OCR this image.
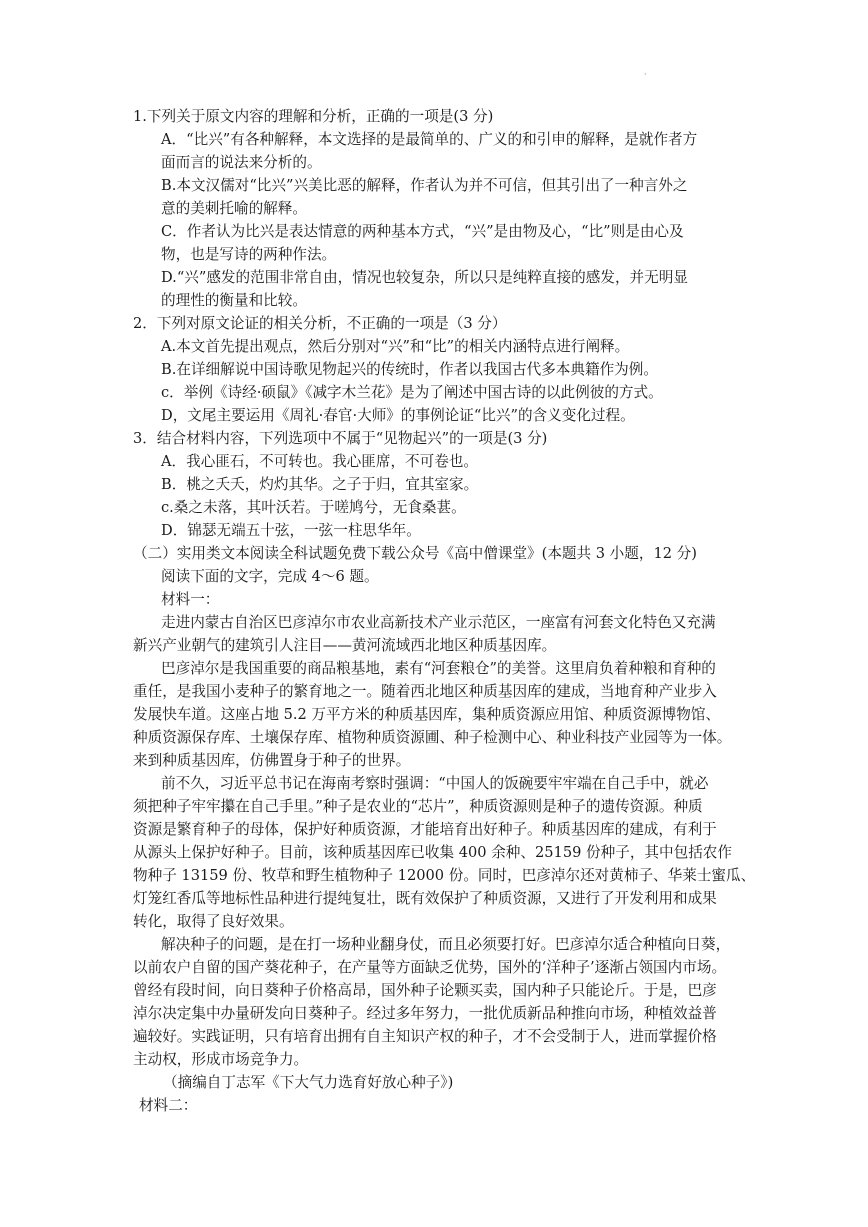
·
1.下列关于原文内容的理解和分析，正确的一项是(3 分)
A．“比兴”有各种解释，本文选择的是最简单的、广义的和引申的解释，是就作者方
面而言的说法来分析的。
B.本文汉儒对“比兴”兴美比恶的解释，作者认为并不可信，但其引出了一种言外之
意的美刺托喻的解释。
C．作者认为比兴是表达情意的两种基本方式，“兴”是由物及心，“比”则是由心及
物，也是写诗的两种作法。
D.“兴”感发的范围非常自由，情况也较复杂，所以只是纯粹直接的感发，并无明显
的理性的衡量和比较。
2．下列对原文论证的相关分析，不正确的一项是（3 分）
A.本文首先提出观点，然后分别对“兴”和“比”的相关内涵特点进行阐释。
B.在详细解说中国诗歌见物起兴的传统时，作者以我国古代多本典籍作为例。
c．举例《诗经·硕鼠》《减字木兰花》是为了阐述中国古诗的以此例彼的方式。
D，文尾主要运用《周礼·春官·大师》的事例论证“比兴”的含义变化过程。
3．结合材料内容，下列选项中不属于“见物起兴”的一项是(3 分)
A．我心匪石，不可转也。我心匪席，不可卷也。
B．桃之夭夭，灼灼其华。之子于归，宜其室家。
c.桑之未落，其叶沃若。于嗟鸠兮，无食桑葚。
D．锦瑟无端五十弦，一弦一柱思华年。
（二）实用类文本阅读全科试题免费下载公众号《高中僧课堂》(本题共 3 小题，12 分)
阅读下面的文字，完成 4～6 题。
材料一：
走进内蒙古自治区巴彦淖尔市农业高新技术产业示范区，一座富有河套文化特色又充满
新兴产业朝气的建筑引人注目——黄河流域西北地区种质基因库。
巴彦淖尔是我国重要的商品粮基地，素有“河套粮仓”的美誉。这里肩负着种粮和育种的
重任，是我国小麦种子的繁育地之一。随着西北地区种质基因库的建成，当地育种产业步入
发展快车道。这座占地 5.2 万平方米的种质基因库，集种质资源应用馆、种质资源博物馆、
种质资源保存库、土壤保存库、植物种质资源圃、种子检测中心、种业科技产业园等为一体。
来到种质基因库，仿佛置身于种子的世界。
前不久，习近平总书记在海南考察时强调：“中国人的饭碗要牢牢端在自己手中，就必
须把种子牢牢攥在自己手里。”种子是农业的“芯片”，种质资源则是种子的遗传资源。种质
资源是繁育种子的母体，保护好种质资源，才能培育出好种子。种质基因库的建成，有利于
从源头上保护好种子。目前，该种质基因库已收集 400 余种、25159 份种子，其中包括农作
物种子 13159 份、牧草和野生植物种子 12000 份。同时，巴彦淖尔还对黄柿子、华莱士蜜瓜、
灯笼红香瓜等地标性品种进行提纯复壮，既有效保护了种质资源，又进行了开发利用和成果
转化，取得了良好效果。
解决种子的问题，是在打一场种业翻身仗，而且必须要打好。巴彦淖尔适合种植向日葵，
以前农户自留的国产葵花种子，在产量等方面缺乏优势，国外的‘洋种子’逐渐占领国内市场。
曾经有段时间，向日葵种子价格高昂，国外种子论颗买卖，国内种子只能论斤。于是，巴彦
淖尔决定集中办量研发向日葵种子。经过多年努力，一批优质新品种推向市场，种植效益普
遍较好。实践证明，只有培育出拥有自主知识产权的种子，才不会受制于人，进而掌握价格
主动权，形成市场竞争力。
（摘编自丁志军《下大气力选育好放心种子》)
材料二：
